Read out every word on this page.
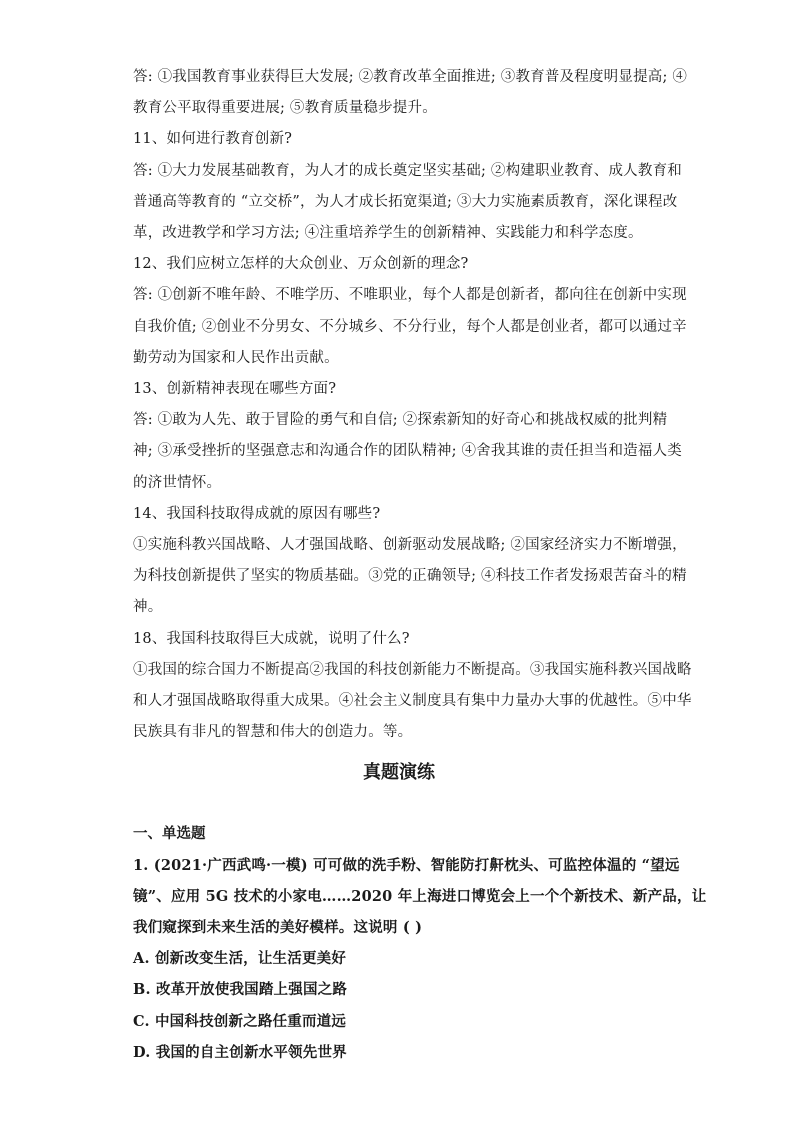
答: ①我国教育事业获得巨大发展; ②教育改革全面推进; ③教育普及程度明显提高; ④
教育公平取得重要进展; ⑤教育质量稳步提升。
11、如何进行教育创新?
答: ①大力发展基础教育，为人才的成长奠定坚实基础; ②构建职业教育、成人教育和
普通高等教育的 “立交桥”，为人才成长拓宽渠道; ③大力实施素质教育，深化课程改
革，改进教学和学习方法; ④注重培养学生的创新精神、实践能力和科学态度。
12、我们应树立怎样的大众创业、万众创新的理念?
答: ①创新不唯年龄、不唯学历、不唯职业，每个人都是创新者，都向往在创新中实现
自我价值; ②创业不分男女、不分城乡、不分行业，每个人都是创业者，都可以通过辛
勤劳动为国家和人民作出贡献。
13、创新精神表现在哪些方面?
答: ①敢为人先、敢于冒险的勇气和自信; ②探索新知的好奇心和挑战权威的批判精
神; ③承受挫折的坚强意志和沟通合作的团队精神; ④舍我其谁的责任担当和造福人类
的济世情怀。
14、我国科技取得成就的原因有哪些?
①实施科教兴国战略、人才强国战略、创新驱动发展战略; ②国家经济实力不断增强，
为科技创新提供了坚实的物质基础。③党的正确领导; ④科技工作者发扬艰苦奋斗的精
神。
18、我国科技取得巨大成就，说明了什么?
①我国的综合国力不断提高②我国的科技创新能力不断提高。③我国实施科教兴国战略
和人才强国战略取得重大成果。④社会主义制度具有集中力量办大事的优越性。⑤中华
民族具有非凡的智慧和伟大的创造力。等。
真题演练
一、单选题
1. (2021·广西武鸣·一模) 可可做的洗手粉、智能防打鼾枕头、可监控体温的 “望远
镜”、应用 5G 技术的小家电……2020 年上海进口博览会上一个个新技术、新产品，让
我们窥探到未来生活的美好模样。这说明 ( )
A. 创新改变生活，让生活更美好
B. 改革开放使我国踏上强国之路
C. 中国科技创新之路任重而道远
D. 我国的自主创新水平领先世界
